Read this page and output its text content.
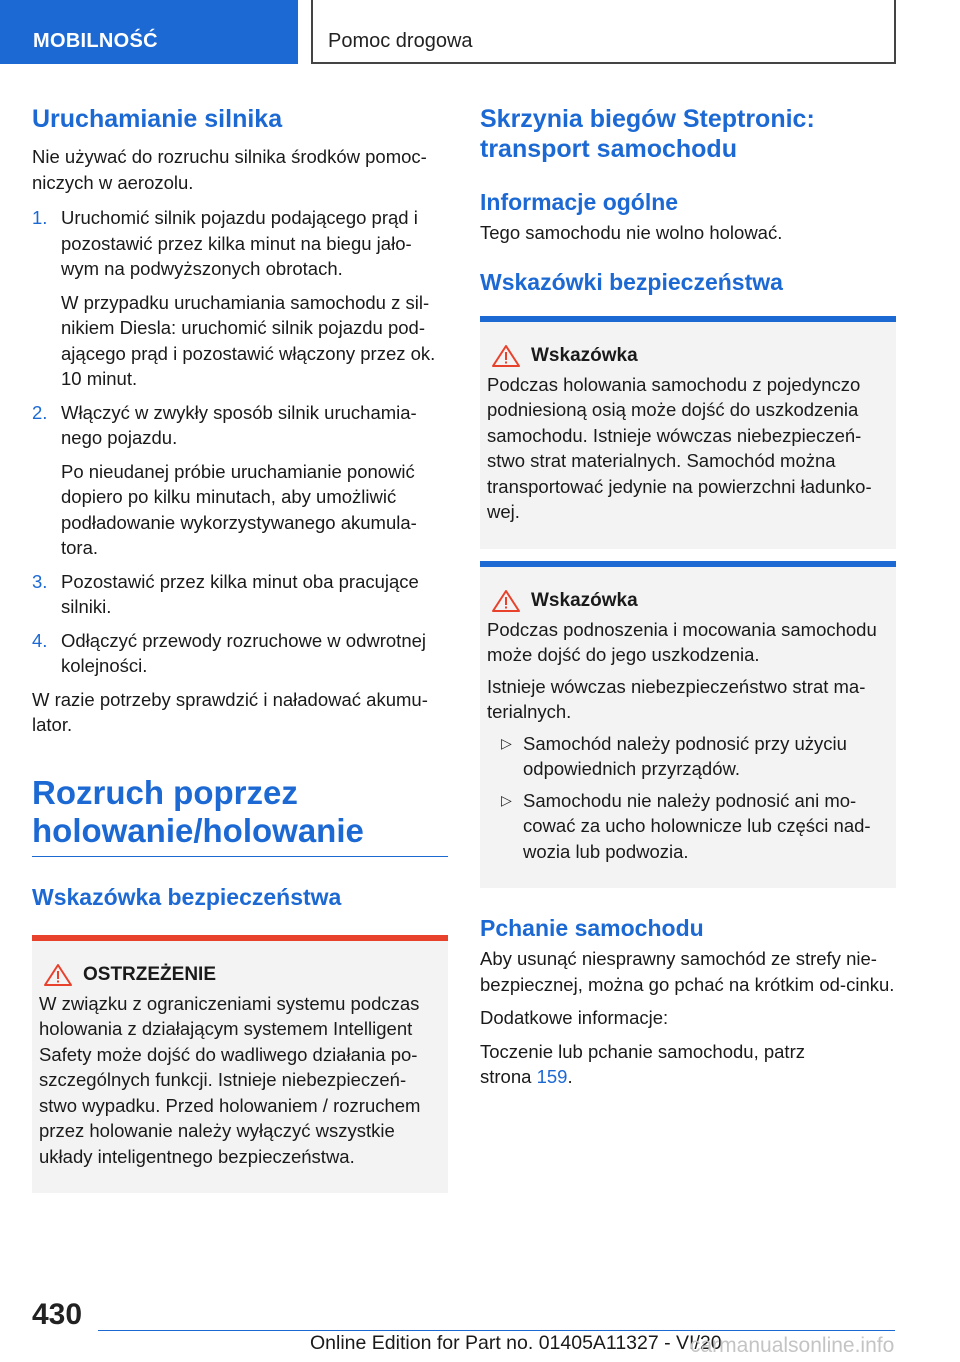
MOBILNOŚĆ	Pomoc drogowa
Uruchamianie silnika

Nie używać do rozruchu silnika środków pomoc-niczych w aerozolu.

1. Uruchomić silnik pojazdu podającego prąd i pozostawić przez kilka minut na biegu jało-wym na podwyższonych obrotach.

W przypadku uruchamiania samochodu z sil-nikiem Diesla: uruchomić silnik pojazdu pod-ającego prąd i pozostawić włączony przez ok. 10 minut.

2. Włączyć w zwykły sposób silnik uruchamia-nego pojazdu.

Po nieudanej próbie uruchamianie ponowić dopiero po kilku minutach, aby umożliwić podładowanie wykorzystywanego akumula-tora.

3. Pozostawić przez kilka minut oba pracujące silniki.

4. Odłączyć przewody rozruchowe w odwrotnej kolejności.

W razie potrzeby sprawdzić i naładować akumu-lator.

Rozruch poprzez holowanie/holowanie
Wskazówka bezpieczeństwa
OSTRZEŻENIE

W związku z ograniczeniami systemu podczas holowania z działającym systemem Intelligent Safety może dojść do wadliwego działania po-szczególnych funkcji. Istnieje niebezpieczeń-stwo wypadku. Przed holowaniem / rozruchem przez holowanie należy wyłączyć wszystkie układy inteligentnego bezpieczeństwa.

Skrzynia biegów Steptronic: transport samochodu
Informacje ogólne

Tego samochodu nie wolno holować.

Wskazówki bezpieczeństwa
Wskazówka

Podczas holowania samochodu z pojedynczo podniesioną osią może dojść do uszkodzenia samochodu. Istnieje wówczas niebezpieczeń-stwo strat materialnych. Samochód można transportować jedynie na powierzchni ładunko-wej.

Wskazówka

Podczas podnoszenia i mocowania samochodu może dojść do jego uszkodzenia.

Istnieje wówczas niebezpieczeństwo strat ma-terialnych.

▷ Samochód należy podnosić przy użyciu odpowiednich przyrządów.
▷ Samochodu nie należy podnosić ani mo-cować za ucho holownicze lub części nad-wozia lub podwozia.
Pchanie samochodu

Aby usunąć niesprawny samochód ze strefy nie-bezpiecznej, można go pchać na krótkim od-cinku.

Dodatkowe informacje:

Toczenie lub pchanie samochodu, patrz strona 159.

430
Online Edition for Part no. 01405A11327 - VI/20
carmanualsonline.info
